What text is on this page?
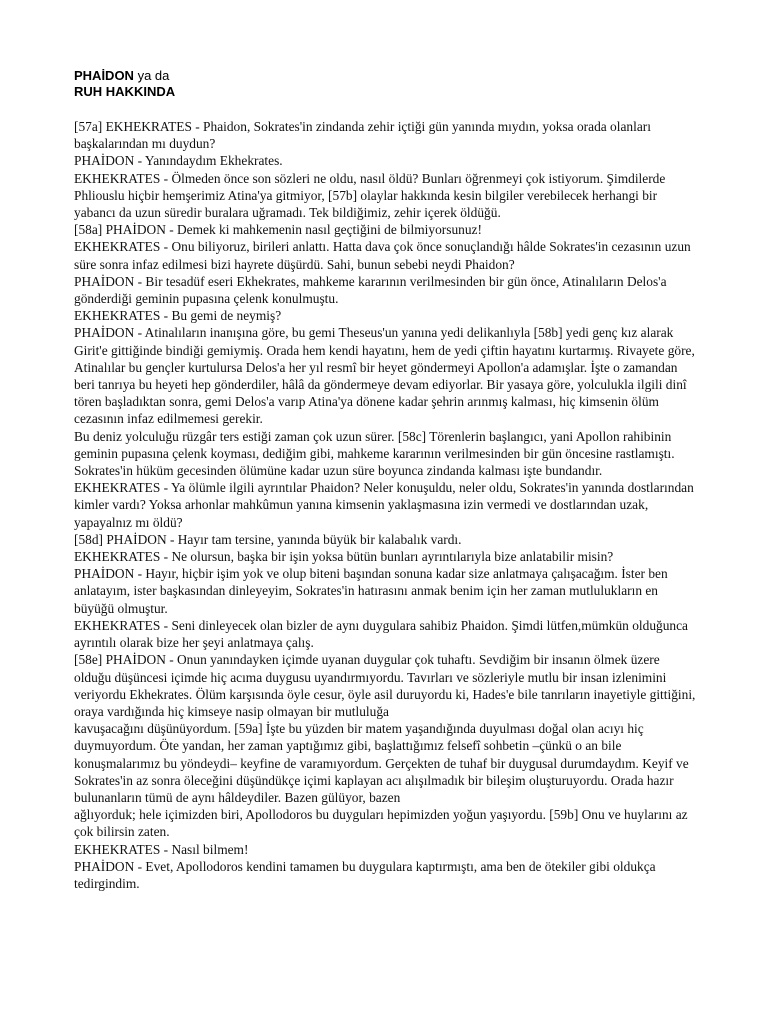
PHAİDON ya da
RUH HAKKINDA

[57a] EKHEKRATES - Phaidon, Sokrates'in zindanda zehir içtiği gün yanında mıydın, yoksa orada olanları başkalarından mı duydun?

PHAİDON - Yanındaydım Ekhekrates.

EKHEKRATES - Ölmeden önce son sözleri ne oldu, nasıl öldü? Bunları öğrenmeyi çok istiyorum. Şimdilerde Phliouslu hiçbir hemşerimiz Atina'ya gitmiyor, [57b] olaylar hakkında kesin bilgiler verebilecek herhangi bir yabancı da uzun süredir buralara uğramadı. Tek bildiğimiz, zehir içerek öldüğü.

[58a] PHAİDON - Demek ki mahkemenin nasıl geçtiğini de bilmiyorsunuz!

EKHEKRATES - Onu biliyoruz, birileri anlattı. Hatta dava çok önce sonuçlandığı hâlde Sokrates'in cezasının uzun süre sonra infaz edilmesi bizi hayrete düşürdü. Sahi, bunun sebebi neydi Phaidon?

PHAİDON - Bir tesadüf eseri Ekhekrates, mahkeme kararının verilmesinden bir gün önce, Atinalıların Delos'a gönderdiği geminin pupasına çelenk konulmuştu.

EKHEKRATES - Bu gemi de neymiş?

PHAİDON - Atinalıların inanışına göre, bu gemi Theseus'un yanına yedi delikanlıyla [58b] yedi genç kız alarak Girit'e gittiğinde bindiği gemiymiş. Orada hem kendi hayatını, hem de yedi çiftin hayatını kurtarmış. Rivayete göre, Atinalılar bu gençler kurtulursa Delos'a her yıl resmî bir heyet göndermeyi Apollon'a adamışlar. İşte o zamandan beri tanrıya bu heyeti hep gönderdiler, hâlâ da göndermeye devam ediyorlar. Bir yasaya göre, yolculukla ilgili dinî tören başladıktan sonra, gemi Delos'a varıp Atina'ya dönene kadar şehrin arınmış kalması, hiç kimsenin ölüm cezasının infaz edilmemesi gerekir.

Bu deniz yolculuğu rüzgâr ters estiği zaman çok uzun sürer. [58c] Törenlerin başlangıcı, yani Apollon rahibinin geminin pupasına çelenk koyması, dediğim gibi, mahkeme kararının verilmesinden bir gün öncesine rastlamıştı. Sokrates'in hüküm gecesinden ölümüne kadar uzun süre boyunca zindanda kalması işte bundandır.

EKHEKRATES - Ya ölümle ilgili ayrıntılar Phaidon? Neler konuşuldu, neler oldu, Sokrates'in yanında dostlarından kimler vardı? Yoksa arhonlar mahkûmun yanına kimsenin yaklaşmasına izin vermedi ve dostlarından uzak, yapayalnız mı öldü?

[58d] PHAİDON - Hayır tam tersine, yanında büyük bir kalabalık vardı.

EKHEKRATES - Ne olursun, başka bir işin yoksa bütün bunları ayrıntılarıyla bize anlatabilir misin?

PHAİDON - Hayır, hiçbir işim yok ve olup biteni başından sonuna kadar size anlatmaya çalışacağım. İster ben anlatayım, ister başkasından dinleyeyim, Sokrates'in hatırasını anmak benim için her zaman mutlulukların en büyüğü olmuştur.

EKHEKRATES - Seni dinleyecek olan bizler de aynı duygulara sahibiz Phaidon. Şimdi lütfen,mümkün olduğunca ayrıntılı olarak bize her şeyi anlatmaya çalış.

[58e] PHAİDON - Onun yanındayken içimde uyanan duygular çok tuhaftı. Sevdiğim bir insanın ölmek üzere olduğu düşüncesi içimde hiç acıma duygusu uyandırmıyordu. Tavırları ve sözleriyle mutlu bir insan izlenimini veriyordu Ekhekrates. Ölüm karşısında öyle cesur, öyle asil duruyordu ki, Hades'e bile tanrıların inayetiyle gittiğini, oraya vardığında hiç kimseye nasip olmayan bir mutluluğa

kavuşacağını düşünüyordum. [59a] İşte bu yüzden bir matem yaşandığında duyulması doğal olan acıyı hiç duymuyordum. Öte yandan, her zaman yaptığımız gibi, başlattığımız felsefî sohbetin –çünkü o an bile konuşmalarımız bu yöndeydi– keyfine de varamıyordum. Gerçekten de tuhaf bir duygusal durumdaydım. Keyif ve Sokrates'in az sonra öleceğini düşündükçe içimi kaplayan acı alışılmadık bir bileşim oluşturuyordu. Orada hazır bulunanların tümü de aynı hâldeydiler. Bazen gülüyor, bazen

ağlıyorduk; hele içimizden biri, Apollodoros bu duyguları hepimizden yoğun yaşıyordu. [59b] Onu ve huylarını az çok bilirsin zaten.

EKHEKRATES - Nasıl bilmem!

PHAİDON - Evet, Apollodoros kendini tamamen bu duygulara kaptırmıştı, ama ben de ötekiler gibi oldukça tedirgindim.
